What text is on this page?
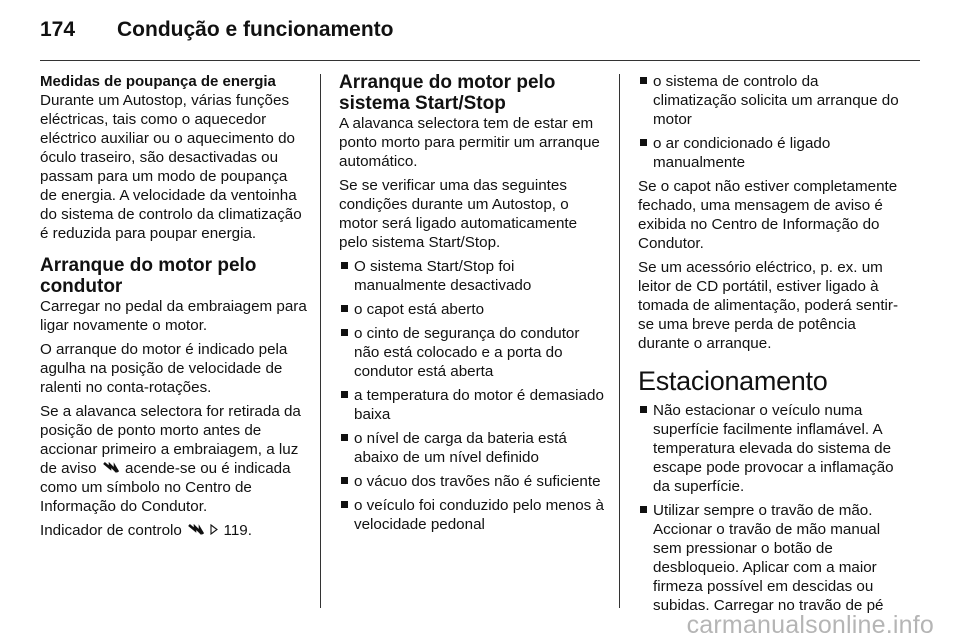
174 Condução e funcionamento

Medidas de poupança de energia

Durante um Autostop, várias funções eléctricas, tais como o aquecedor eléctrico auxiliar ou o aquecimento do óculo traseiro, são desactivadas ou passam para um modo de poupança de energia. A velocidade da ventoinha do sistema de controlo da climatização é reduzida para poupar energia.

Arranque do motor pelo condutor

Carregar no pedal da embraiagem para ligar novamente o motor.

O arranque do motor é indicado pela agulha na posição de velocidade de ralenti no conta-rotações.

Se a alavanca selectora for retirada da posição de ponto morto antes de accionar primeiro a embraiagem, a luz de aviso acende-se ou é indicada como um símbolo no Centro de Informação do Condutor.

Indicador de controlo	119.

Arranque do motor pelo sistema Start/Stop

A alavanca selectora tem de estar em ponto morto para permitir um arranque automático.

Se se verificar uma das seguintes condições durante um Autostop, o motor será ligado automaticamente pelo sistema Start/Stop.

O sistema Start/Stop foi manualmente desactivado
o capot está aberto
o cinto de segurança do condutor não está colocado e a porta do condutor está aberta
a temperatura do motor é demasiado baixa
o nível de carga da bateria está abaixo de um nível definido
o vácuo dos travões não é suficiente
o veículo foi conduzido pelo menos à velocidade pedonal
o sistema de controlo da climatização solicita um arranque do motor
o ar condicionado é ligado manualmente

Se o capot não estiver completamente fechado, uma mensagem de aviso é exibida no Centro de Informação do Condutor.

Se um acessório eléctrico, p. ex. um leitor de CD portátil, estiver ligado à tomada de alimentação, poderá sentir-se uma breve perda de potência durante o arranque.

Estacionamento

Não estacionar o veículo numa superfície facilmente inflamável. A temperatura elevada do sistema de escape pode provocar a inflamação da superfície.
Utilizar sempre o travão de mão. Accionar o travão de mão manual sem pressionar o botão de desbloqueio. Aplicar com a maior firmeza possível em descidas ou subidas. Carregar no travão de pé
carmanualsonline.info
